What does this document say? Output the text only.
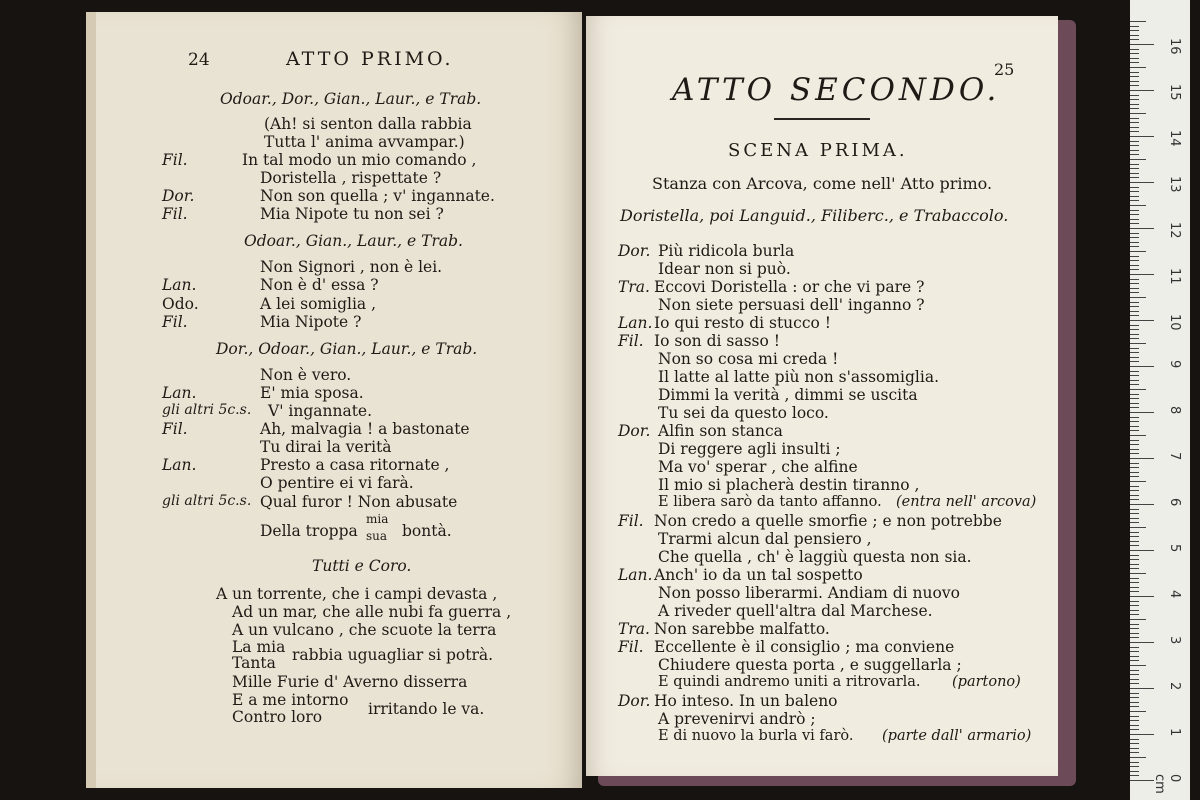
24	ATTO PRIMO.
Odoar., Dor., Gian., Laur., e Trab.
(Ah! si senton dalla rabbia
Tutta l' anima avvampar.)
Fil.	In tal modo un mio comando ,
Doristella , rispettate ?
Dor.	Non son quella ; v' ingannate.
Fil.	Mia Nipote tu non sei ?
Odoar., Gian., Laur., e Trab.
Non Signori , non è lei.
Lan.	Non è d' essa ?
Odo.	A lei somiglia ,
Fil.	Mia Nipote ?
Dor., Odoar., Gian., Laur., e Trab.
Non è vero.
Lan.	E' mia sposa.
gli altri 5c.s. V' ingannate.
Fil.	Ah, malvagia ! a bastonate
Tu dirai la verità
Lan.	Presto a casa ritornate ,
O pentire ei vi farà.
gli altri 5c.s. Qual furor ! Non abusate
Della troppa
mia
sua bontà.
Tutti e Coro.
A un torrente, che i campi devasta ,
Ad un mar, che alle nubi fa guerra ,
A un vulcano , che scuote la terra
La mia
Tanta rabbia uguagliar si potrà.
Mille Furie d' Averno disserra
E a me intorno
Contro loro	irritando le va.
25
ATTO SECONDO.
SCENA PRIMA.
Stanza con Arcova, come nell' Atto primo.
Doristella, poi Languid., Filiberc., e Trabaccolo.
Dor. Più ridicola burla
Idear non si può.
Tra. Eccovi Doristella : or che vi pare ?
Non siete persuasi dell' inganno ?
Lan. Io qui resto di stucco !
Fil. Io son di sasso !
Non so cosa mi creda !
Il latte al latte più non s'assomiglia.
Dimmi la verità , dimmi se uscita
Tu sei da questo loco.
Dor. Alfin son stanca
Di reggere agli insulti ;
Ma vo' sperar , che alfine
Il mio si placherà destin tiranno ,
E libera sarò da tanto affanno. (entra nell' arcova)
Fil. Non credo a quelle smorfie ; e non potrebbe
Trarmi alcun dal pensiero ,
Che quella , ch' è laggiù questa non sia.
Lan. Anch' io da un tal sospetto
Non posso liberarmi. Andiam di nuovo
A riveder quell'altra dal Marchese.
Tra. Non sarebbe malfatto.
Fil. Eccellente è il consiglio ; ma conviene
Chiudere questa porta , e suggellarla ;
E quindi andremo uniti a ritrovarla. (partono)
Dor. Ho inteso. In un baleno
A prevenirvi andrò ;
E di nuovo la burla vi farò. (parte dall' armario)
0 cm
1
2
3
4
5
6
7
8
9
10
11
12
13
14
15
16
